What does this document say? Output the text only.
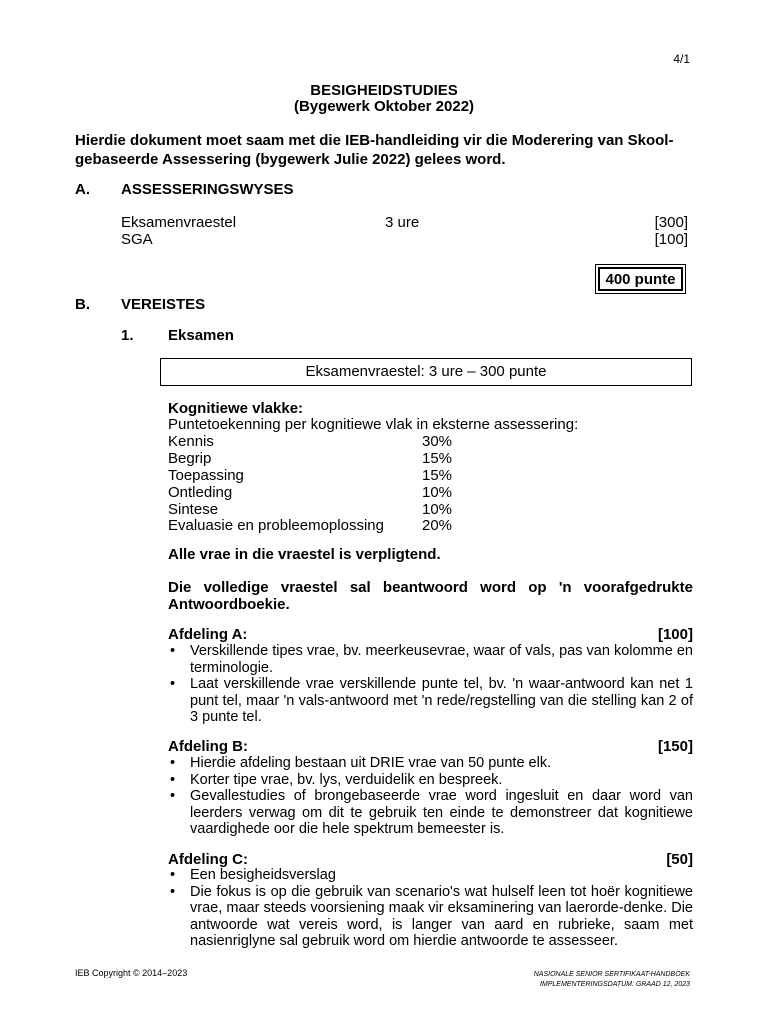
4/1
BESIGHEIDSTUDIES
(Bygewerk Oktober 2022)
Hierdie dokument moet saam met die IEB-handleiding vir die Moderering van Skool-gebaseerde Assessering (bygewerk Julie 2022) gelees word.
A. ASSESSERINGSWYSES
Eksamenvraestel	3 ure	[300]
SGA	[100]
400 punte
B. VEREISTES
1. Eksamen
Eksamenvraestel: 3 ure – 300 punte
Kognitiewe vlakke:
Puntetoekenning per kognitiewe vlak in eksterne assessering:
Kennis	30%
Begrip	15%
Toepassing	15%
Ontleding	10%
Sintese	10%
Evaluasie en probleemoplossing	20%
Alle vrae in die vraestel is verpligtend.
Die volledige vraestel sal beantwoord word op 'n voorafgedrukte Antwoordboekie.
Afdeling A:	[100]
• Verskillende tipes vrae, bv. meerkeusevrae, waar of vals, pas van kolomme en terminologie.
• Laat verskillende vrae verskillende punte tel, bv. 'n waar-antwoord kan net 1 punt tel, maar 'n vals-antwoord met 'n rede/regstelling van die stelling kan 2 of 3 punte tel.
Afdeling B:	[150]
• Hierdie afdeling bestaan uit DRIE vrae van 50 punte elk.
• Korter tipe vrae, bv. lys, verduidelik en bespreek.
• Gevallestudies of brongebaseerde vrae word ingesluit en daar word van leerders verwag om dit te gebruik ten einde te demonstreer dat kognitiewe vaardighede oor die hele spektrum bemeester is.
Afdeling C:	[50]
• Een besigheidsverslag
• Die fokus is op die gebruik van scenario's wat hulself leen tot hoër kognitiewe vrae, maar steeds voorsiening maak vir eksaminering van laerorde-denke. Die antwoorde wat vereis word, is langer van aard en rubrieke, saam met nasienriglyne sal gebruik word om hierdie antwoorde te assesseer.
IEB Copyright © 2014–2023	NASIONALE SENIOR SERTIFIKAAT-HANDBOEK
IMPLEMENTERINGSDATUM: GRAAD 12, 2023
